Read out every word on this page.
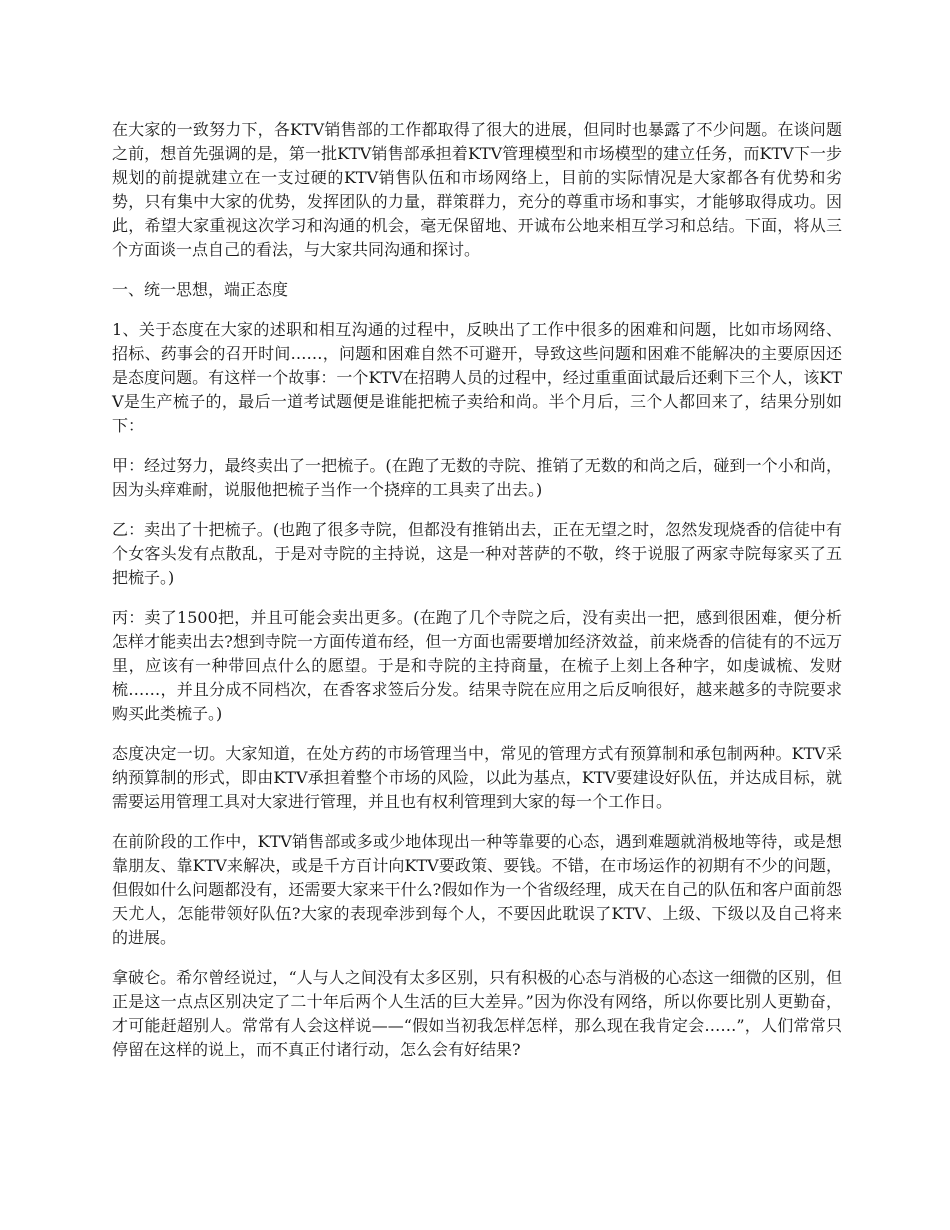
在大家的一致努力下，各KTV销售部的工作都取得了很大的进展，但同时也暴露了不少问题。在谈问题之前，想首先强调的是，第一批KTV销售部承担着KTV管理模型和市场模型的建立任务，而KTV下一步规划的前提就建立在一支过硬的KTV销售队伍和市场网络上，目前的实际情况是大家都各有优势和劣势，只有集中大家的优势，发挥团队的力量，群策群力，充分的尊重市场和事实，才能够取得成功。因此，希望大家重视这次学习和沟通的机会，毫无保留地、开诚布公地来相互学习和总结。下面，将从三个方面谈一点自己的看法，与大家共同沟通和探讨。

一、统一思想，端正态度

1、关于态度在大家的述职和相互沟通的过程中，反映出了工作中很多的困难和问题，比如市场网络、招标、药事会的召开时间……，问题和困难自然不可避开，导致这些问题和困难不能解决的主要原因还是态度问题。有这样一个故事：一个KTV在招聘人员的过程中，经过重重面试最后还剩下三个人，该KTV是生产梳子的，最后一道考试题便是谁能把梳子卖给和尚。半个月后，三个人都回来了，结果分别如下：

甲：经过努力，最终卖出了一把梳子。(在跑了无数的寺院、推销了无数的和尚之后，碰到一个小和尚，因为头痒难耐，说服他把梳子当作一个挠痒的工具卖了出去。)

乙：卖出了十把梳子。(也跑了很多寺院，但都没有推销出去，正在无望之时，忽然发现烧香的信徒中有个女客头发有点散乱，于是对寺院的主持说，这是一种对菩萨的不敬，终于说服了两家寺院每家买了五把梳子。)

丙：卖了1500把，并且可能会卖出更多。(在跑了几个寺院之后，没有卖出一把，感到很困难，便分析怎样才能卖出去?想到寺院一方面传道布经，但一方面也需要增加经济效益，前来烧香的信徒有的不远万里，应该有一种带回点什么的愿望。于是和寺院的主持商量，在梳子上刻上各种字，如虔诚梳、发财梳……，并且分成不同档次，在香客求签后分发。结果寺院在应用之后反响很好，越来越多的寺院要求购买此类梳子。)

态度决定一切。大家知道，在处方药的市场管理当中，常见的管理方式有预算制和承包制两种。KTV采纳预算制的形式，即由KTV承担着整个市场的风险，以此为基点，KTV要建设好队伍，并达成目标，就需要运用管理工具对大家进行管理，并且也有权利管理到大家的每一个工作日。

在前阶段的工作中，KTV销售部或多或少地体现出一种等靠要的心态，遇到难题就消极地等待，或是想靠朋友、靠KTV来解决，或是千方百计向KTV要政策、要钱。不错，在市场运作的初期有不少的问题，但假如什么问题都没有，还需要大家来干什么?假如作为一个省级经理，成天在自己的队伍和客户面前怨天尤人，怎能带领好队伍?大家的表现牵涉到每个人，不要因此耽误了KTV、上级、下级以及自己将来的进展。

拿破仑。希尔曾经说过，“人与人之间没有太多区别，只有积极的心态与消极的心态这一细微的区别，但正是这一点点区别决定了二十年后两个人生活的巨大差异。”因为你没有网络，所以你要比别人更勤奋，才可能赶超别人。常常有人会这样说——“假如当初我怎样怎样，那么现在我肯定会……”，人们常常只停留在这样的说上，而不真正付诸行动，怎么会有好结果?
